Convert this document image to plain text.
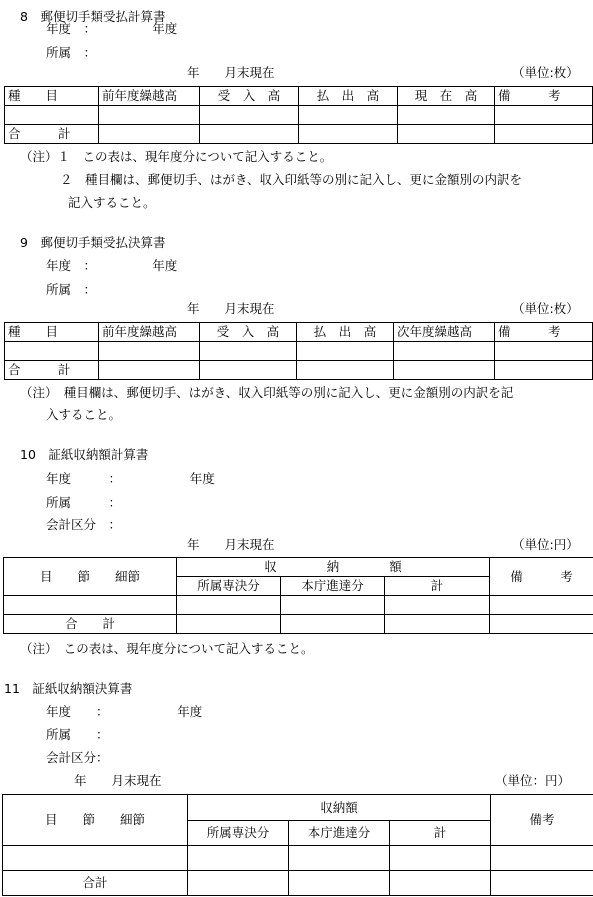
8　郵便切手類受払計算書
年度　：　　　　　年度
所属　：
年　　月末現在	（単位:枚）
種　　目	前年度繰越高	受　入　高	払　出　高	現　在　高	備　　　考

合　　　計					
（注）１　この表は、現年度分について記入すること。
２　種目欄は、郵便切手、はがき、収入印紙等の別に記入し、更に金額別の内訳を
記入すること。
9　郵便切手類受払決算書
年度　：　　　　　年度
所属　：
年　　月末現在	（単位:枚）
種　　目	前年度繰越高	受　入　高	払　出　高	次年度繰越高	備　　　考

合　　　計					
（注）　種目欄は、郵便切手、はがき、収入印紙等の別に記入し、更に金額別の内訳を記
入すること。
10　証紙収納額計算書
年度　　　：　　　　　　年度
所属　　　：
会計区分　：
年　　月末現在	（単位:円）
目　　節　　細節	収　　　　納　　　　額			備　　　考
	所属専決分	本庁進達分	計	

合　　計				
（注）　この表は、現年度分について記入すること。
11　証紙収納額決算書
年度　　：　　　　　　年度
所属　　：
会計区分：
年　　月末現在	（単位：円）
目　　節　　細節	収納額			備考
	所属専決分	本庁進達分	計	

合計				
